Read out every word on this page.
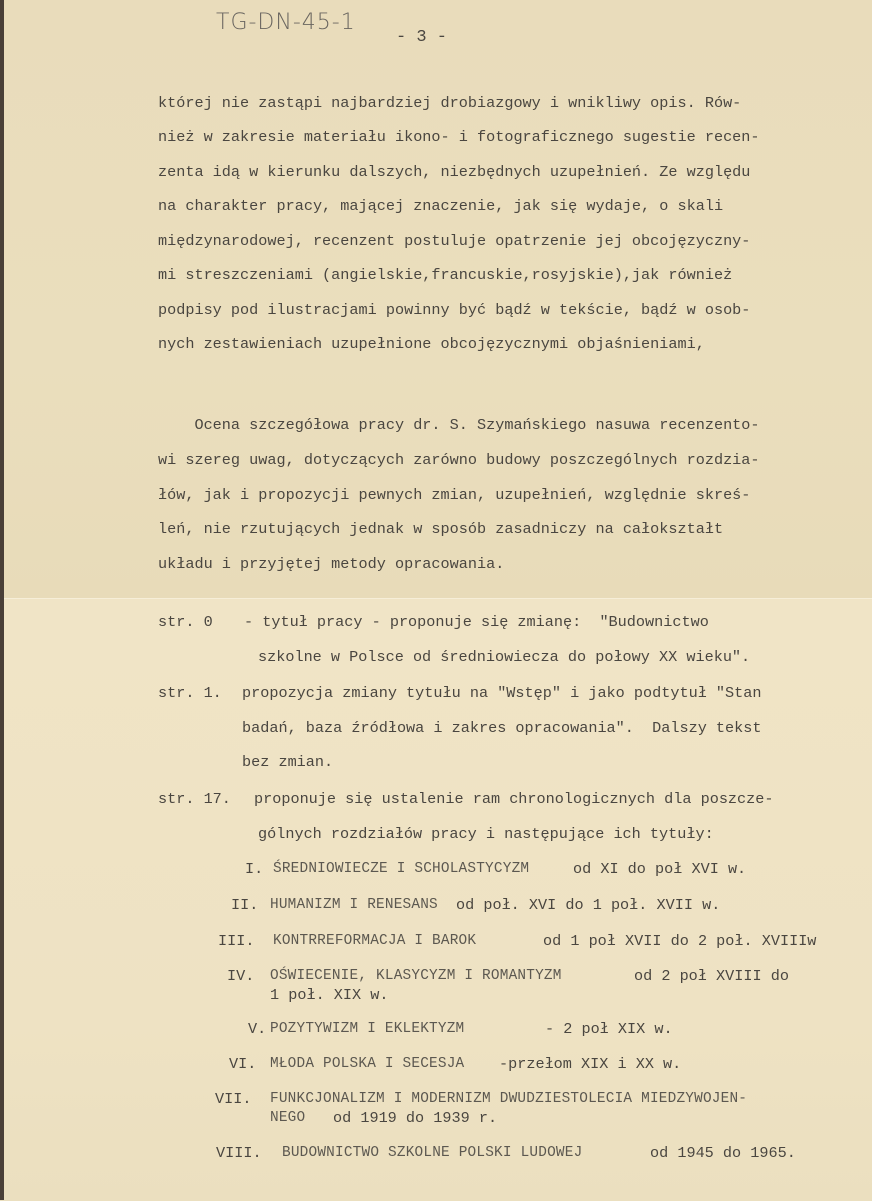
TG-DN-45-1
- 3 -
której nie zastąpi najbardziej drobiazgowy i wnikliwy opis. Rów-
nież w zakresie materiału ikono- i fotograficznego sugestie recen-
zenta idą w kierunku dalszych, niezbędnych uzupełnień. Ze względu
na charakter pracy, mającej znaczenie, jak się wydaje, o skali
międzynarodowej, recenzent postuluje opatrzenie jej obcojęzyczny-
mi streszczeniami (angielskie,francuskie,rosyjskie),jak również
podpisy pod ilustracjami powinny być bądź w tekście, bądź w osob-
nych zestawieniach uzupełnione obcojęzycznymi objaśnieniami,
Ocena szczegółowa pracy dr. S. Szymańskiego nasuwa recenzento-
wi szereg uwag, dotyczących zarówno budowy poszczególnych rozdzia-
łów, jak i propozycji pewnych zmian, uzupełnień, względnie skreś-
leń, nie rzutujących jednak w sposób zasadniczy na całokształt
układu i przyjętej metody opracowania.
str. 0 - tytuł pracy - proponuje się zmianę:  "Budownictwo
szkolne w Polsce od średniowiecza do połowy XX wieku".
str. 1. propozycja zmiany tytułu na "Wstęp" i jako podtytuł "Stan
badań, baza źródłowa i zakres opracowania".  Dalszy tekst
bez zmian.
str. 17. proponuje się ustalenie ram chronologicznych dla poszcze-
gólnych rozdziałów pracy i następujące ich tytuły:
I. ŚREDNIOWIECZE I SCHOLASTYCYZM	od XI do poł XVI w.
II. HUMANIZM I RENESANS od poł. XVI do 1 poł. XVII w.
III. KONTRREFORMACJA I BAROK	od 1 poł XVII do 2 poł. XVIIIw
IV. OŚWIECENIE, KLASYCYZM I ROMANTYZM	od 2 poł XVIII do
1 poł. XIX w.
V. POZYTYWIZM I EKLEKTYZM	- 2 poł XIX w.
VI. MŁODA POLSKA I SECESJA -przełom XIX i XX w.
VII. FUNKCJONALIZM I MODERNIZM DWUDZIESTOLECIA MIEDZYWOJEN-
NEGO od 1919 do 1939 r.
VIII. BUDOWNICTWO SZKOLNE POLSKI LUDOWEJ	od 1945 do 1965.
